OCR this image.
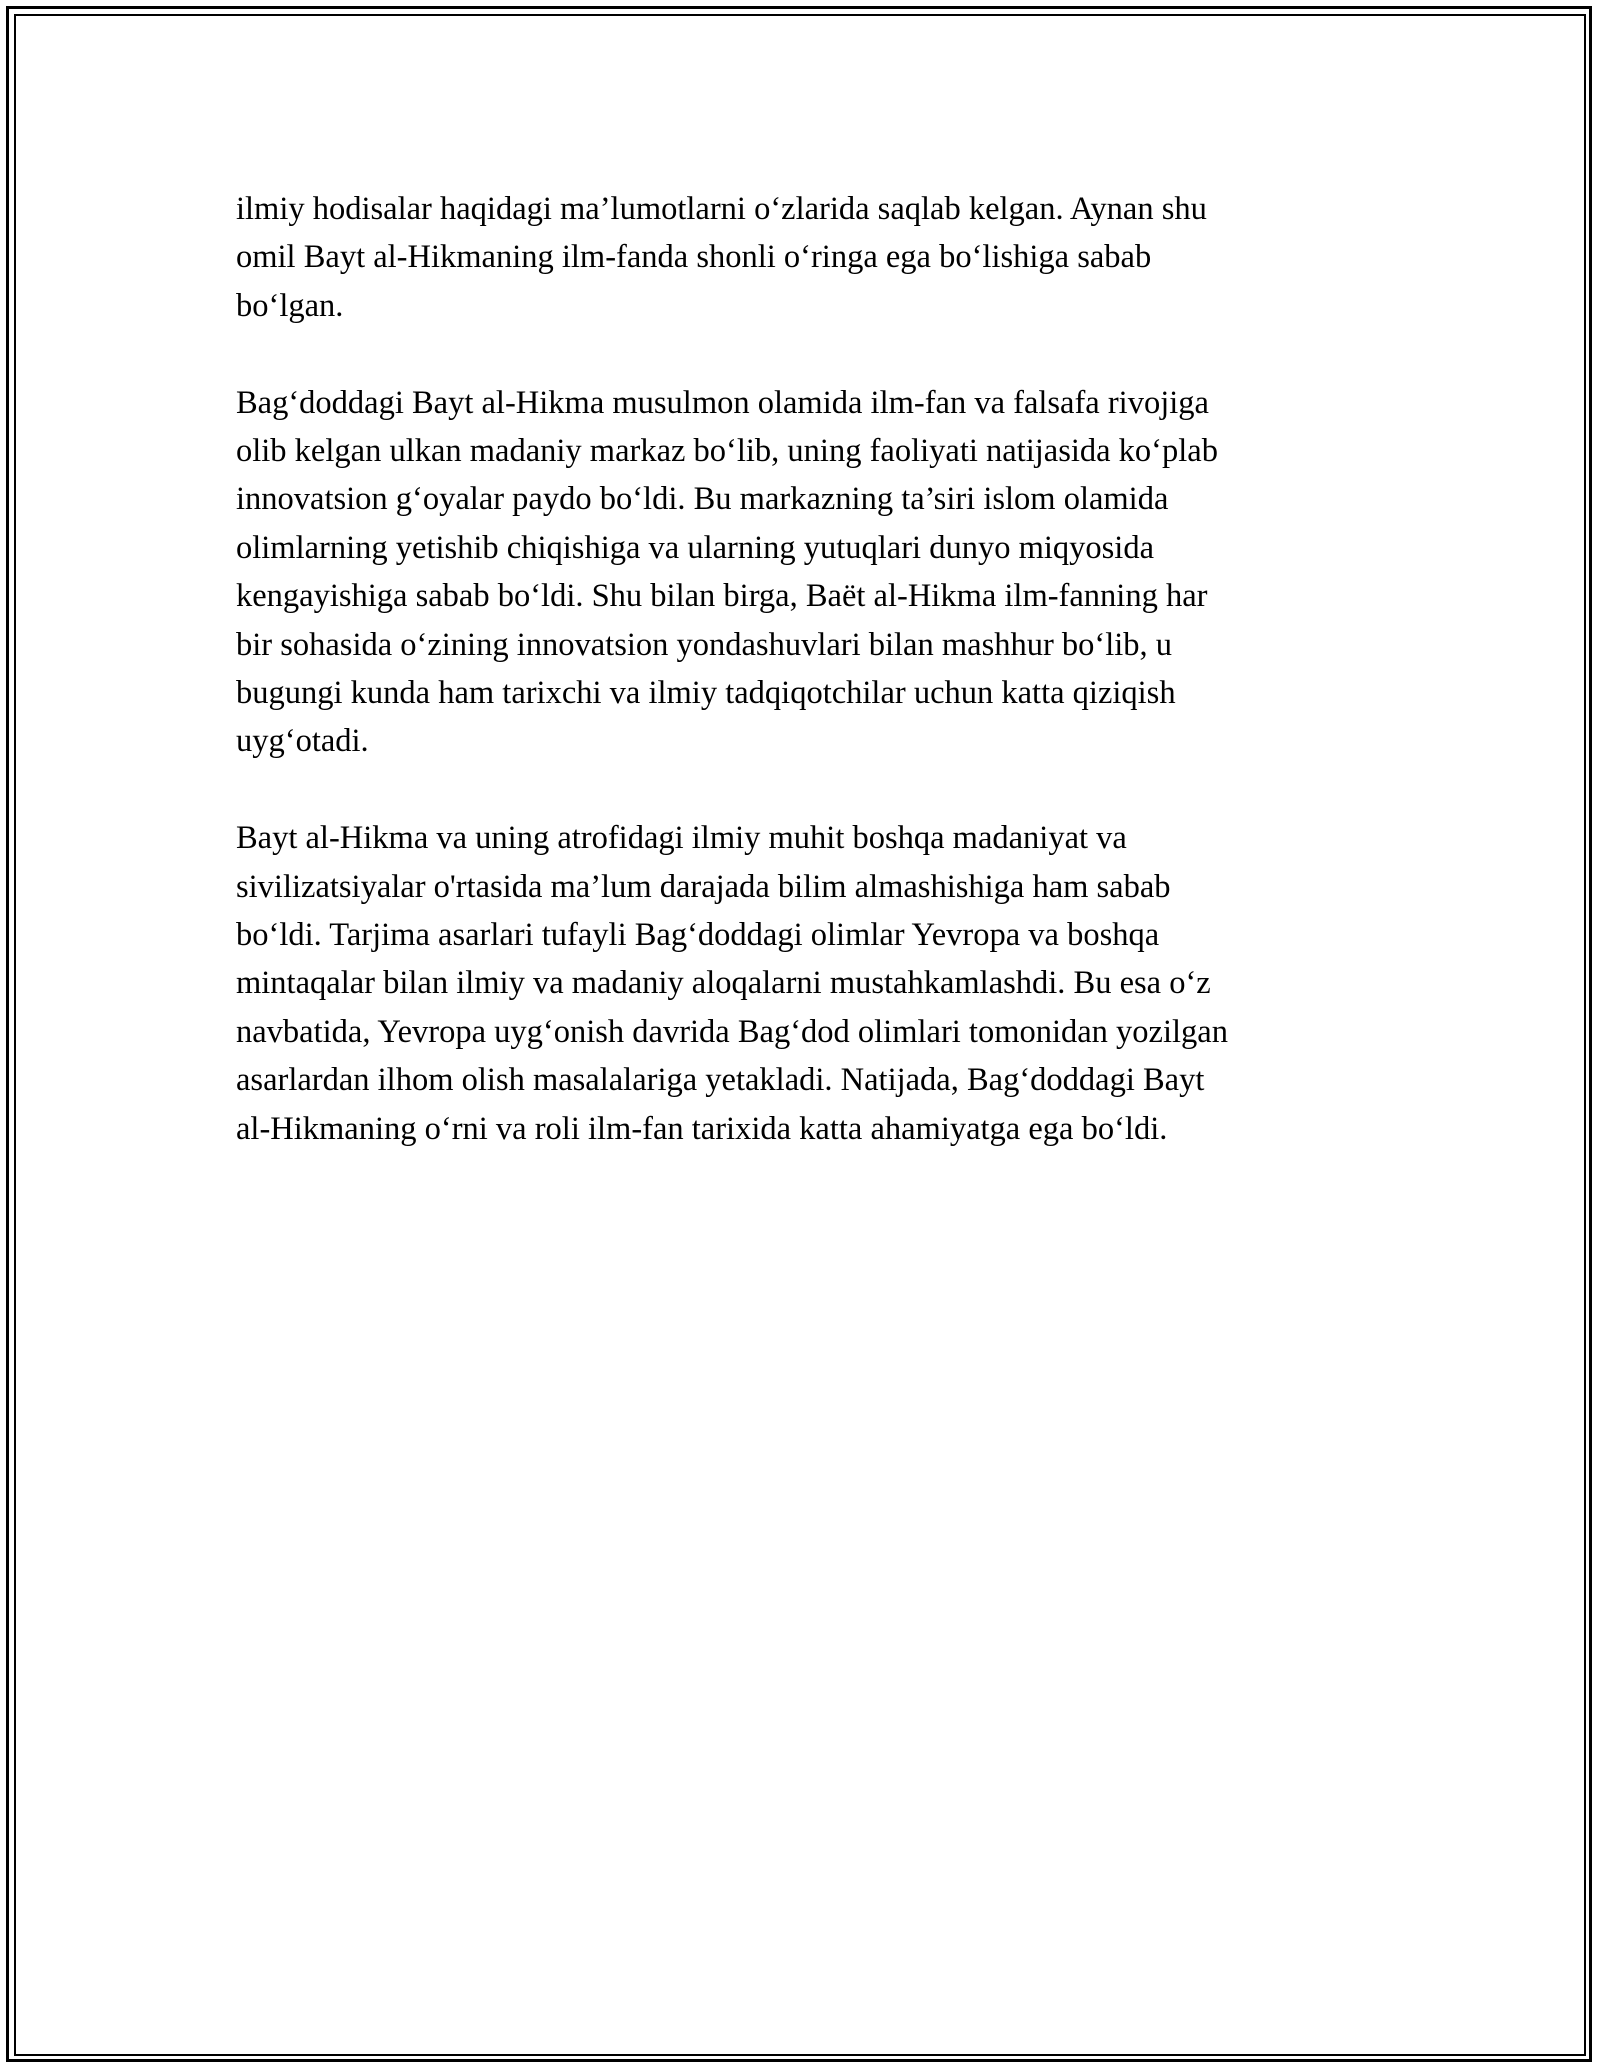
ilmiy hodisalar haqidagi ma’lumotlarni o‘zlarida saqlab kelgan. Aynan shu
omil Bayt al-Hikmaning ilm-fanda shonli o‘ringa ega bo‘lishiga sabab
bo‘lgan.

Bag‘doddagi Bayt al-Hikma musulmon olamida ilm-fan va falsafa rivojiga
olib kelgan ulkan madaniy markaz bo‘lib, uning faoliyati natijasida ko‘plab
innovatsion g‘oyalar paydo bo‘ldi. Bu markazning ta’siri islom olamida
olimlarning yetishib chiqishiga va ularning yutuqlari dunyo miqyosida
kengayishiga sabab bo‘ldi. Shu bilan birga, Baёt al-Hikma ilm-fanning har
bir sohasida o‘zining innovatsion yondashuvlari bilan mashhur bo‘lib, u
bugungi kunda ham tarixchi va ilmiy tadqiqotchilar uchun katta qiziqish
uyg‘otadi.

Bayt al-Hikma va uning atrofidagi ilmiy muhit boshqa madaniyat va
sivilizatsiyalar o'rtasida ma’lum darajada bilim almashishiga ham sabab
bo‘ldi. Tarjima asarlari tufayli Bag‘doddagi olimlar Yevropa va boshqa
mintaqalar bilan ilmiy va madaniy aloqalarni mustahkamlashdi. Bu esa o‘z
navbatida, Yevropa uyg‘onish davrida Bag‘dod olimlari tomonidan yozilgan
asarlardan ilhom olish masalalariga yetakladi. Natijada, Bag‘doddagi Bayt
al-Hikmaning o‘rni va roli ilm-fan tarixida katta ahamiyatga ega bo‘ldi.
